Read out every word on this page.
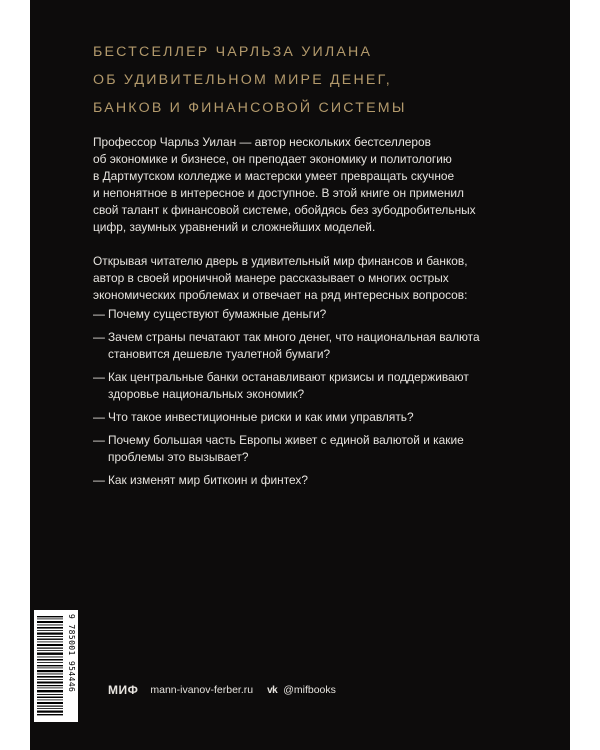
БЕСТСЕЛЛЕР ЧАРЛЬЗА УИЛАНА
ОБ УДИВИТЕЛЬНОМ МИРЕ ДЕНЕГ,
БАНКОВ И ФИНАНСОВОЙ СИСТЕМЫ
Профессор Чарльз Уилан — автор нескольких бестселлеров
об экономике и бизнесе, он преподает экономику и политологию
в Дартмутском колледже и мастерски умеет превращать скучное
и непонятное в интересное и доступное. В этой книге он применил
свой талант к финансовой системе, обойдясь без зубодробительных
цифр, заумных уравнений и сложнейших моделей.
Открывая читателю дверь в удивительный мир финансов и банков,
автор в своей ироничной манере рассказывает о многих острых
экономических проблемах и отвечает на ряд интересных вопросов:
— Почему существуют бумажные деньги?
— Зачем страны печатают так много денег, что национальная валюта
становится дешевле туалетной бумаги?
— Как центральные банки останавливают кризисы и поддерживают
здоровье национальных экономик?
— Что такое инвестиционные риски и как ими управлять?
— Почему большая часть Европы живет с единой валютой и какие
проблемы это вызывает?
— Как изменят мир биткоин и финтех?
9 785001 954446	МИФ mann-ivanov-ferber.ru vk @mifbooks
